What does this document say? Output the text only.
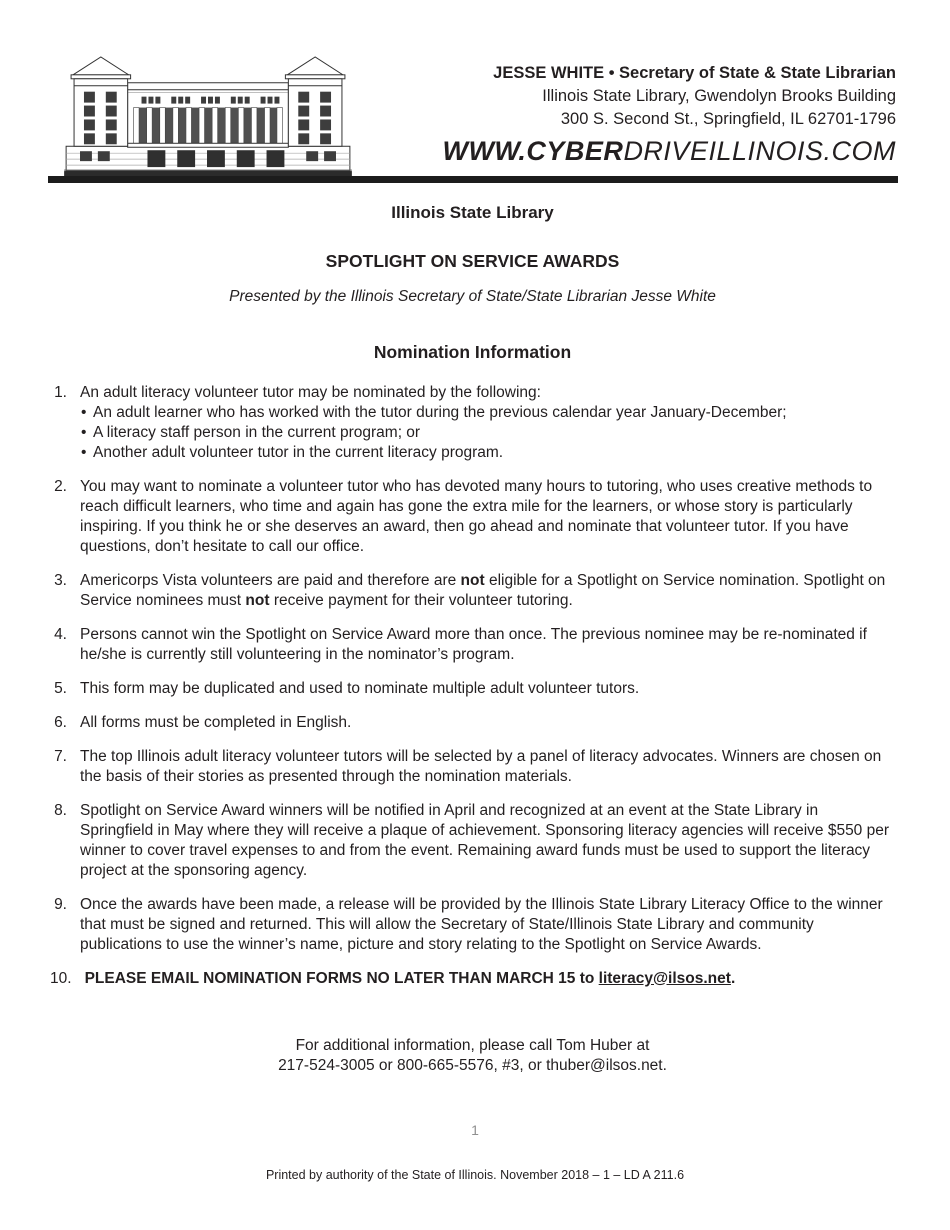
JESSE WHITE • Secretary of State & State Librarian
Illinois State Library, Gwendolyn Brooks Building
300 S. Second St., Springfield, IL 62701-1796
WWW.CYBERDRIVEILLINOIS.COM
Illinois State Library
SPOTLIGHT ON SERVICE AWARDS
Presented by the Illinois Secretary of State/State Librarian Jesse White
Nomination Information
1. An adult literacy volunteer tutor may be nominated by the following:
• An adult learner who has worked with the tutor during the previous calendar year January-December;
• A literacy staff person in the current program; or
• Another adult volunteer tutor in the current literacy program.
2. You may want to nominate a volunteer tutor who has devoted many hours to tutoring, who uses creative methods to reach difficult learners, who time and again has gone the extra mile for the learners, or whose story is particularly inspiring. If you think he or she deserves an award, then go ahead and nominate that volunteer tutor. If you have questions, don’t hesitate to call our office.
3. Americorps Vista volunteers are paid and therefore are not eligible for a Spotlight on Service nomination. Spotlight on Service nominees must not receive payment for their volunteer tutoring.
4. Persons cannot win the Spotlight on Service Award more than once. The previous nominee may be re-nominated if he/she is currently still volunteering in the nominator’s program.
5. This form may be duplicated and used to nominate multiple adult volunteer tutors.
6. All forms must be completed in English.
7. The top Illinois adult literacy volunteer tutors will be selected by a panel of literacy advocates. Winners are chosen on the basis of their stories as presented through the nomination materials.
8. Spotlight on Service Award winners will be notified in April and recognized at an event at the State Library in Springfield in May where they will receive a plaque of achievement. Sponsoring literacy agencies will receive $550 per winner to cover travel expenses to and from the event. Remaining award funds must be used to support the literacy project at the sponsoring agency.
9. Once the awards have been made, a release will be provided by the Illinois State Library Literacy Office to the winner that must be signed and returned. This will allow the Secretary of State/Illinois State Library and community publications to use the winner’s name, picture and story relating to the Spotlight on Service Awards.
10. PLEASE EMAIL NOMINATION FORMS NO LATER THAN MARCH 15 to literacy@ilsos.net.
For additional information, please call Tom Huber at
217-524-3005 or 800-665-5576, #3, or thuber@ilsos.net.
1
Printed by authority of the State of Illinois. November 2018 – 1 – LD A 211.6
